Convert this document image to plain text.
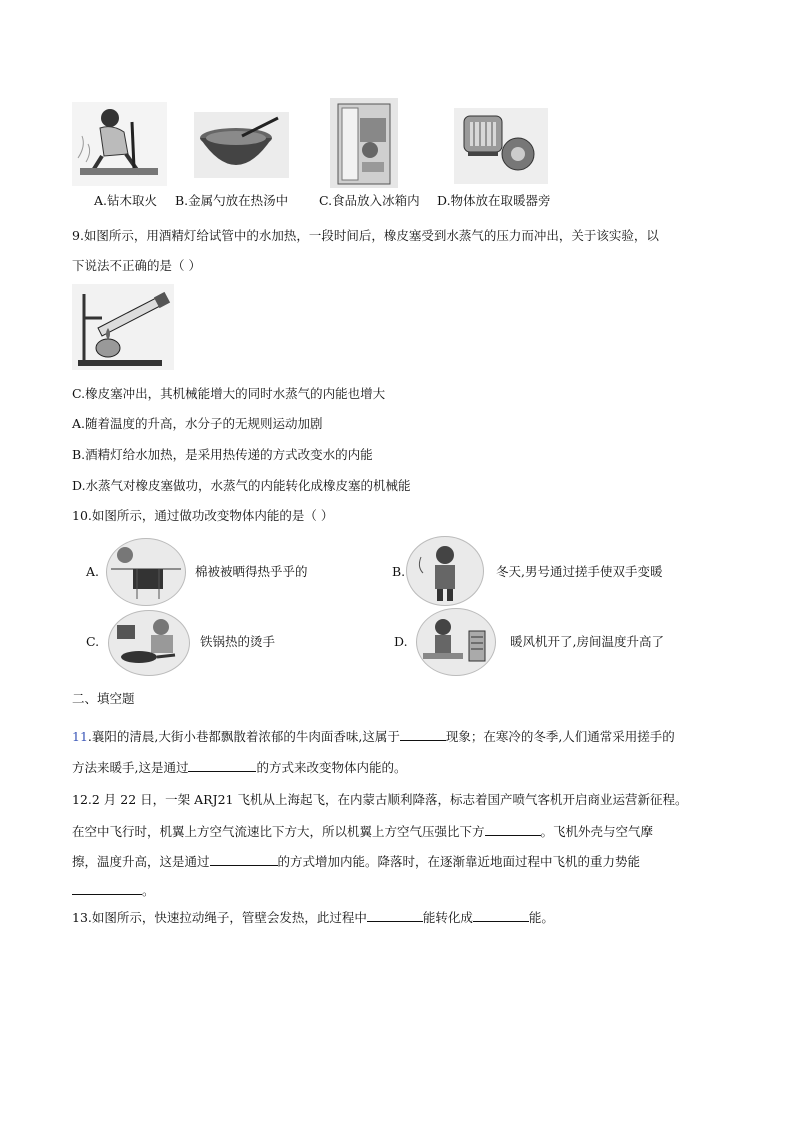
A.钻木取火 B.金属勺放在热汤中 C.食品放入冰箱内 D.物体放在取暖器旁
9.如图所示，用酒精灯给试管中的水加热，一段时间后，橡皮塞受到水蒸气的压力而冲出，关于该实验，以
下说法不正确的是（ ）
C.橡皮塞冲出，其机械能增大的同时水蒸气的内能也增大
A.随着温度的升高，水分子的无规则运动加剧
B.酒精灯给水加热，是采用热传递的方式改变水的内能
D.水蒸气对橡皮塞做功，水蒸气的内能转化成橡皮塞的机械能
10.如图所示，通过做功改变物体内能的是（ ）
A.	棉被被晒得热乎乎的	B.	冬天,男号通过搓手使双手变暖
C.	铁锅热的烫手	D.	暖风机开了,房间温度升高了
二、填空题
11.襄阳的清晨,大街小巷都飘散着浓郁的牛肉面香味,这属于	现象；在寒冷的冬季,人们通常采用搓手的
方法来暖手,这是通过	的方式来改变物体内能的。
12.2 月 22 日，一架 ARJ21 飞机从上海起飞，在内蒙古顺利降落，标志着国产喷气客机开启商业运营新征程。
在空中飞行时，机翼上方空气流速比下方大，所以机翼上方空气压强比下方	。飞机外壳与空气摩
擦，温度升高，这是通过	的方式增加内能。降落时，在逐渐靠近地面过程中飞机的重力势能
。
13.如图所示，快速拉动绳子，管壁会发热，此过程中	能转化成	能。
